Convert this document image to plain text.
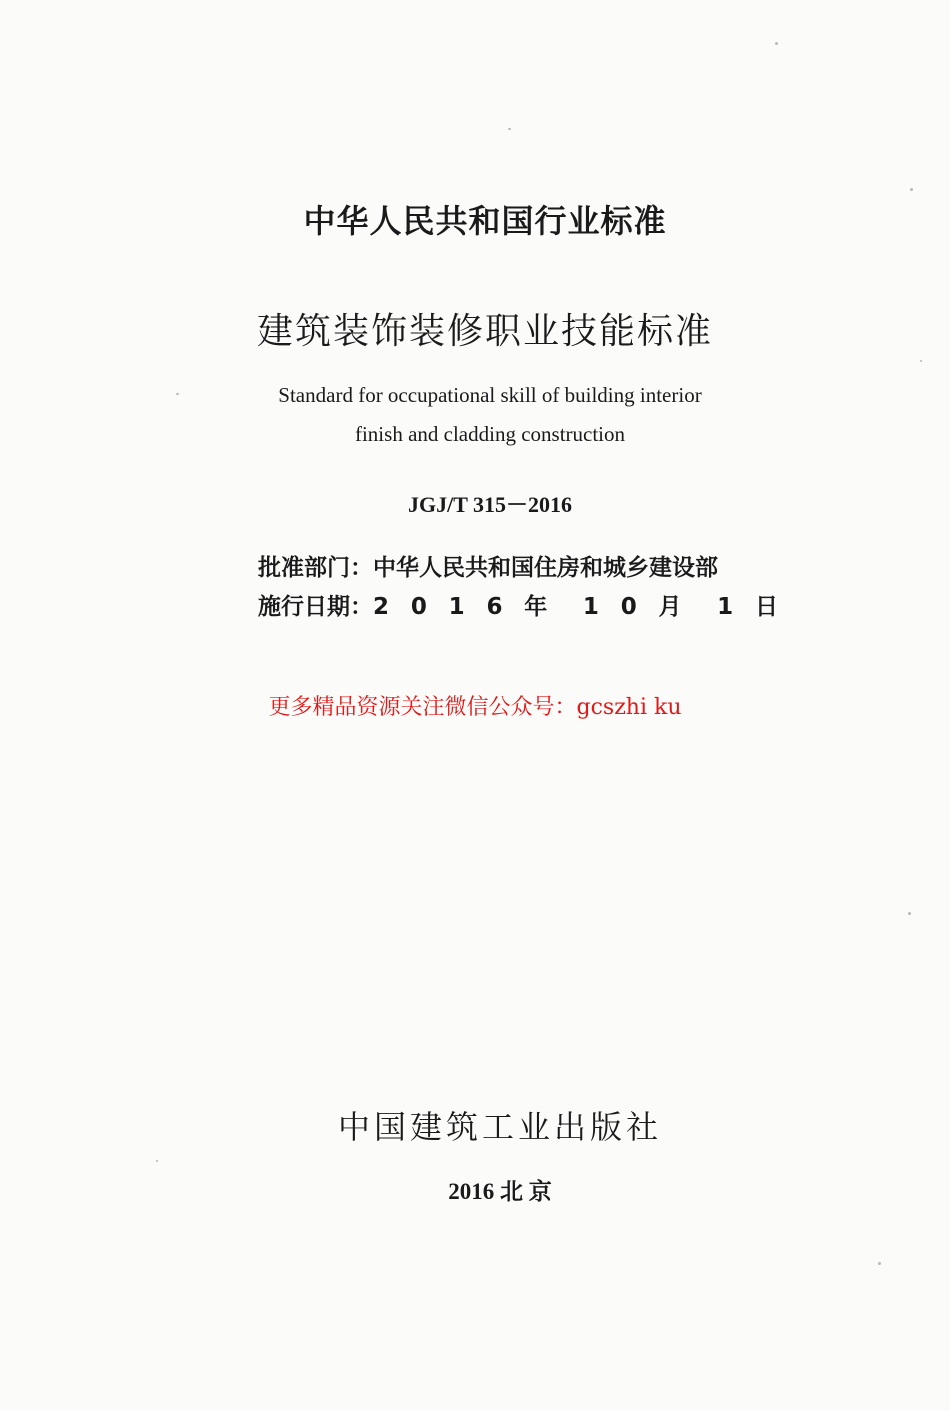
中华人民共和国行业标准
建筑装饰装修职业技能标准
Standard for occupational skill of building interior
finish and cladding construction
JGJ/T 315－2016
批准部门： 中华人民共和国住房和城乡建设部
施行日期： 2 0 1 6 年 1 0 月 1 日
更多精品资源关注微信公众号：gcszhi ku
中国建筑工业出版社
2016 北 京
